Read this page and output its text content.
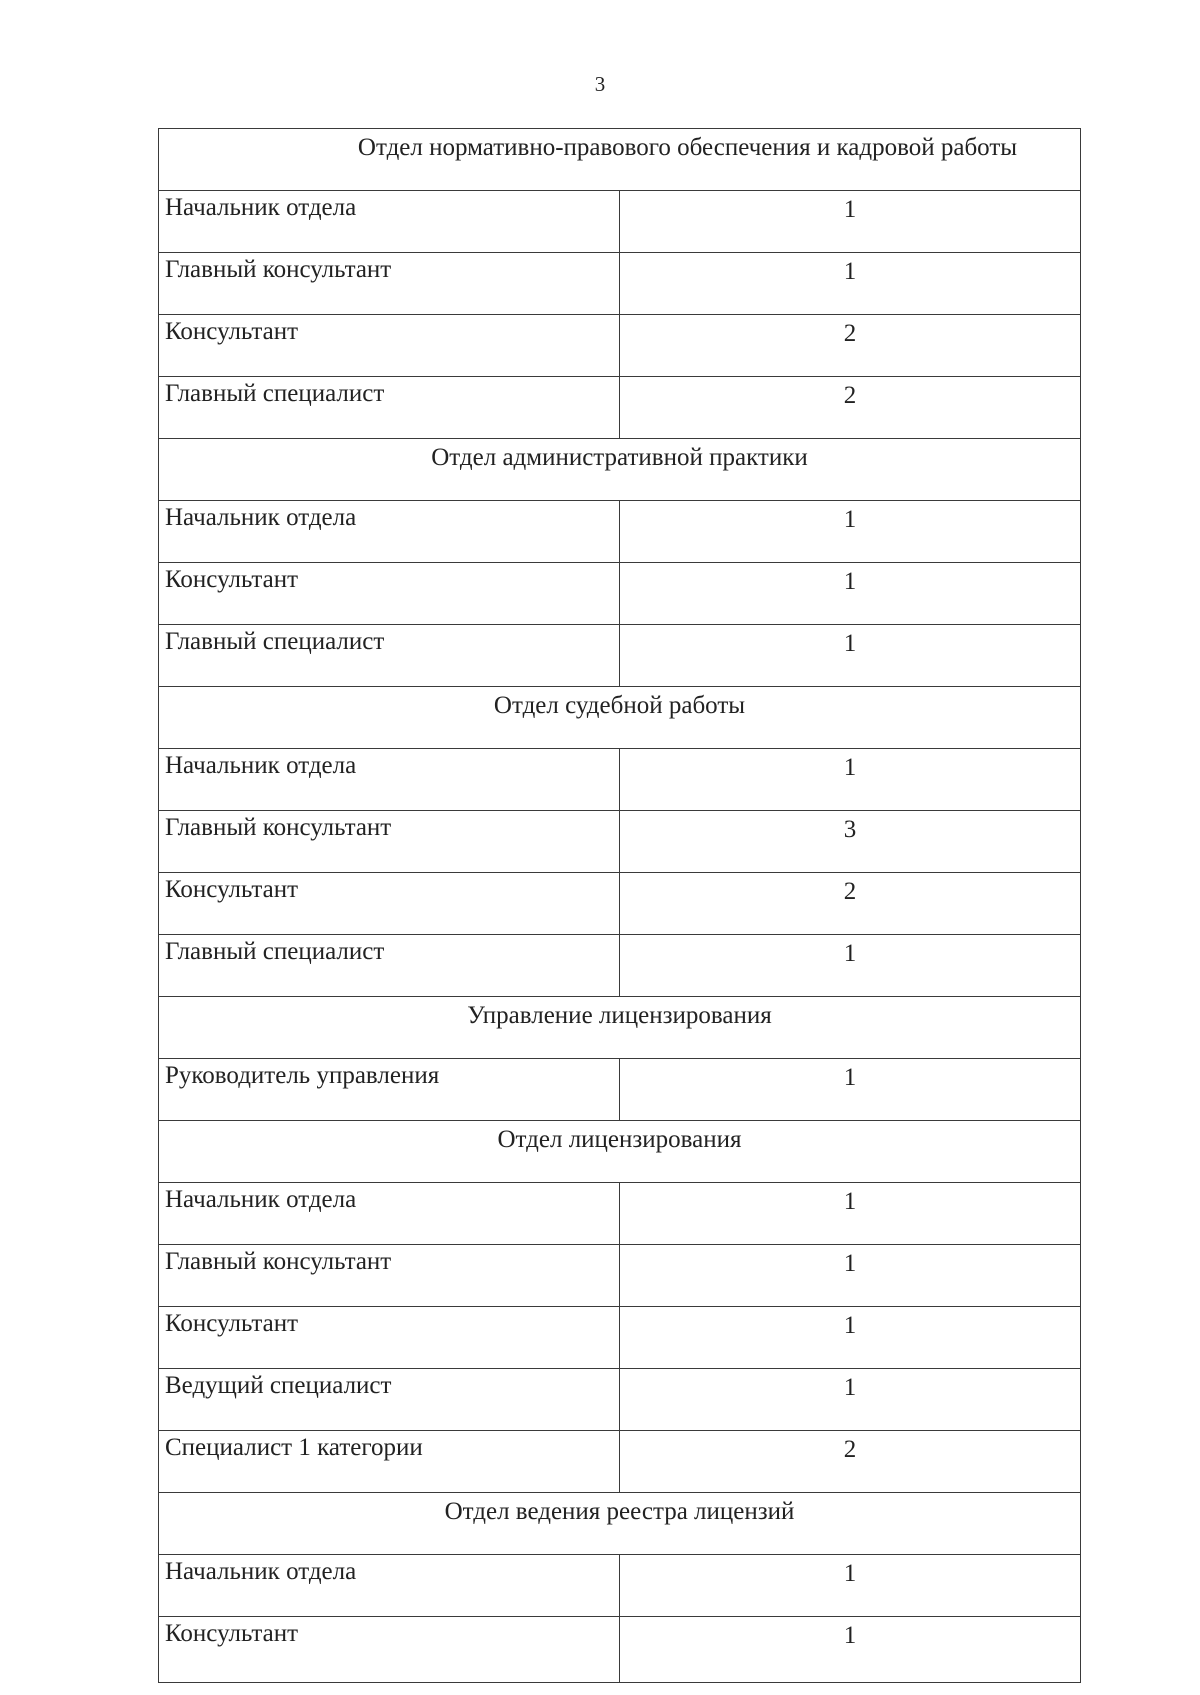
3
Отдел нормативно-правового обеспечения и кадровой работы	
Начальник отдела	1
Главный консультант	1
Консультант	2
Главный специалист	2
Отдел административной практики	
Начальник отдела	1
Консультант	1
Главный специалист	1
Отдел судебной работы	
Начальник отдела	1
Главный консультант	3
Консультант	2
Главный специалист	1
Управление лицензирования	
Руководитель управления	1
Отдел лицензирования	
Начальник отдела	1
Главный консультант	1
Консультант	1
Ведущий специалист	1
Специалист 1 категории	2
Отдел ведения реестра лицензий	
Начальник отдела	1
Консультант	1
